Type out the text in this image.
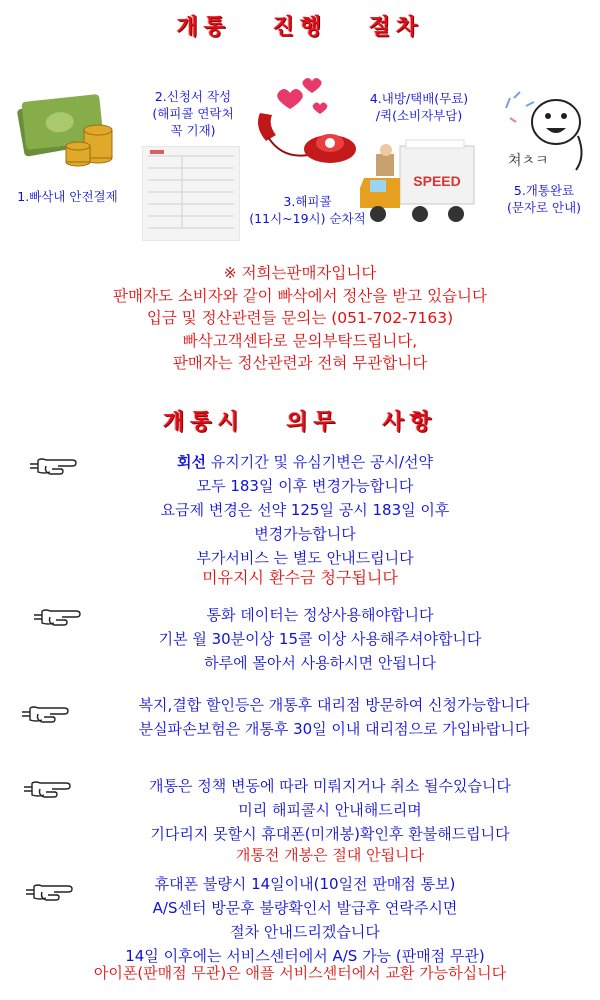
개통 진행 절차
1.빠삭내 안전결제
2.신청서 작성
(해피콜 연락처
꼭 기재)
3.해피콜
(11시~19시) 순차적
4.내방/택배(무료)
/퀵(소비자부담)
SPEED
쳐ㅊㅋ
5.개통완료
(문자로 안내)
※ 저희는판매자입니다
판매자도 소비자와 같이 빠삭에서 정산을 받고 있습니다
입금 및 정산관련들 문의는 (051-702-7163)
빠삭고객센타로 문의부탁드립니다,
판매자는 정산관련과 전혀 무관합니다
개통시 의무 사항
회선 유지기간 및 유심기변은 공시/선약
모두 183일 이후 변경가능합니다
요금제 변경은 선약 125일 공시 183일 이후
변경가능합니다
부가서비스 는 별도 안내드립니다
미유지시 환수금 청구됩니다
통화 데이터는 정상사용해야합니다
기본 월 30분이상 15콜 이상 사용해주셔야합니다
하루에 몰아서 사용하시면 안됩니다
복지,결합 할인등은 개통후 대리점 방문하여 신청가능합니다
분실파손보험은 개통후 30일 이내 대리점으로 가입바랍니다
개통은 정책 변동에 따라 미뤄지거나 취소 될수있습니다
미리 해피콜시 안내해드리며
기다리지 못할시 휴대폰(미개봉)확인후 환불해드립니다
개통전 개봉은 절대 안됩니다
휴대폰 불량시 14일이내(10일전 판매점 통보)
A/S센터 방문후 불량확인서 발급후 연락주시면
절차 안내드리겠습니다
14일 이후에는 서비스센터에서 A/S 가능 (판매점 무관)
아이폰(판매점 무관)은 애플 서비스센터에서 교환 가능하십니다
